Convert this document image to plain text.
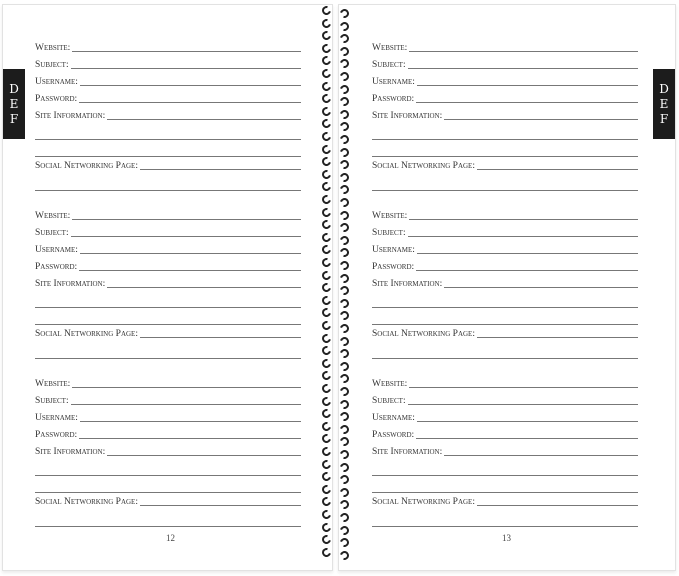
D
E
F
12
D
E
F
13
Website:
Subject:
Username:
Password:
Site Information:
Social Networking Page:
Website:
Subject:
Username:
Password:
Site Information:
Social Networking Page:
Website:
Subject:
Username:
Password:
Site Information:
Social Networking Page:
Website:
Subject:
Username:
Password:
Site Information:
Social Networking Page:
Website:
Subject:
Username:
Password:
Site Information:
Social Networking Page:
Website:
Subject:
Username:
Password:
Site Information:
Social Networking Page:
